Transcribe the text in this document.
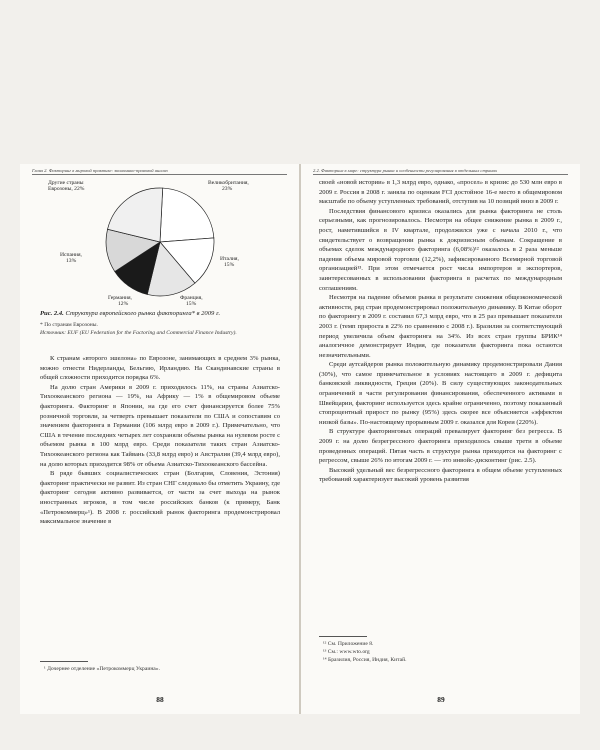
Глава 2. Факторинг в мировой практике: экономико-правовой анализ
Великобритания,
23%
Италия,
15%
Франция,
15%
Германия,
12%
Испания,
13%
Другие страны
Еврозоны, 22%
Рис. 2.4. Структура европейского рынка факторинга* в 2009 г.
* По странам Еврозоны.
Источник: EUF (EU Federation for the Factoring and Commercial Finance Industry).

К странам «второго эшелона» по Еврозоне, занимающих в среднем 3% рынка, можно отнести Нидерланды, Бельгию, Ирландию. На Скандинавские страны в общей сложности приходится порядка 6%.

На долю стран Америки в 2009 г. приходилось 11%, на страны Азиатско-Тихоокеанского региона — 19%, на Африку — 1% в общемировом объеме факторинга. Факторинг в Японии, на где его счет финансируется более 75% розничной торговли, за четверть превышает показатели по США и сопоставим со значением факторинга в Германии (106 млрд евро в 2009 г.). Примечательно, что США в течение последних четырех лет сохраняли объемы рынка на нулевом росте с объемом рынка в 100 млрд евро. Среди показатели таких стран Азиатско-Тихоокеанского региона как Тайвань (33,8 млрд евро) и Австралия (39,4 млрд евро), на долю которых приходится 98% от объема Азиатско-Тихоокеанского бассейна.

В ряде бывших социалистических стран (Болгария, Словения, Эстония) факторинг практически не развит. Из стран СНГ следовало бы отметить Украину, где факторинг сегодня активно развивается, от части за счет выхода на рынок иностранных игроков, в том числе российских банков (к примеру, Банк «Петрокоммерц»¹). В 2008 г. российский рынок факторинга продемонстрировал максимальное значение в

¹ Дочернее отделение «Петрокоммерц Украина».
88
2.2. Факторинг в мире: структура рынка и особенности регулирования в отдельных странах

своей «новой истории» в 1,3 млрд евро, однако, «просел» в кризис до 530 млн евро в 2009 г. Россия в 2008 г. заняла по оценкам FCI достойное 16-е место в общемировом масштабе по объему уступленных требований, отступив на 10 позиций вниз в 2009 г.

Последствия финансового кризиса оказались для рынка факторинга не столь серьезными, как прогнозировалось. Несмотря на общее снижение рынка в 2009 г., рост, наметившийся в IV квартале, продолжился уже с начала 2010 г., что свидетельствует о возвращении рынка к докризисным объемам. Сокращение в объемах сделок международного факторинга (6,08%)¹² оказалось в 2 раза меньше падения объема мировой торговли (12,2%), зафиксированного Всемирной торговой организацией¹³. При этом отмечается рост числа импортеров и экспортеров, заинтересованных в использовании факторинга в расчетах по международным соглашениям.

Несмотря на падение объемов рынка в результате снижения общеэкономической активности, ряд стран продемонстрировал положительную динамику. В Китае оборот по факторингу в 2009 г. составил 67,3 млрд евро, что в 25 раз превышает показатели 2003 г. (темп прироста в 22% по сравнению с 2008 г.). Бразилия за соответствующий период увеличила объем факторинга на 34%. Из всех стран группы БРИК¹⁴ аналогичное демонстрирует Индия, где показатели факторинга пока остаются незначительными.

Среди аутсайдеров рынка положительную динамику продемонстрировали Дания (30%), что самое примечательное в условиях настоящего в 2009 г. дефицита банковской ликвидности, Греция (20%). В силу существующих законодательных ограничений в части регулирования финансирования, обеспеченного активами в Швейцарии, факторинг используется здесь крайне ограниченно, поэтому показанный стопроцентный прирост по рынку (95%) здесь скорее все объясняется «эффектом низкой базы». По-настоящему прорывным 2009 г. оказался для Кореи (220%).

В структуре факторинговых операций превалирует факторинг без регресса. В 2009 г. на долю безрегрессного факторинга приходилось свыше трети в объеме проведенных операций. Пятая часть в структуре рынка приходится на факторинг с регрессом, свыше 26% по итогам 2009 г. — это инвойс-дисконтинг (рис. 2.5).

Высокий удельный вес безрегрессного факторинга в общем объеме уступленных требований характеризует высокий уровень развития

¹² См. Приложение 8.
¹³ См.: www.wto.org
¹⁴ Бразилия, Россия, Индия, Китай.
89
